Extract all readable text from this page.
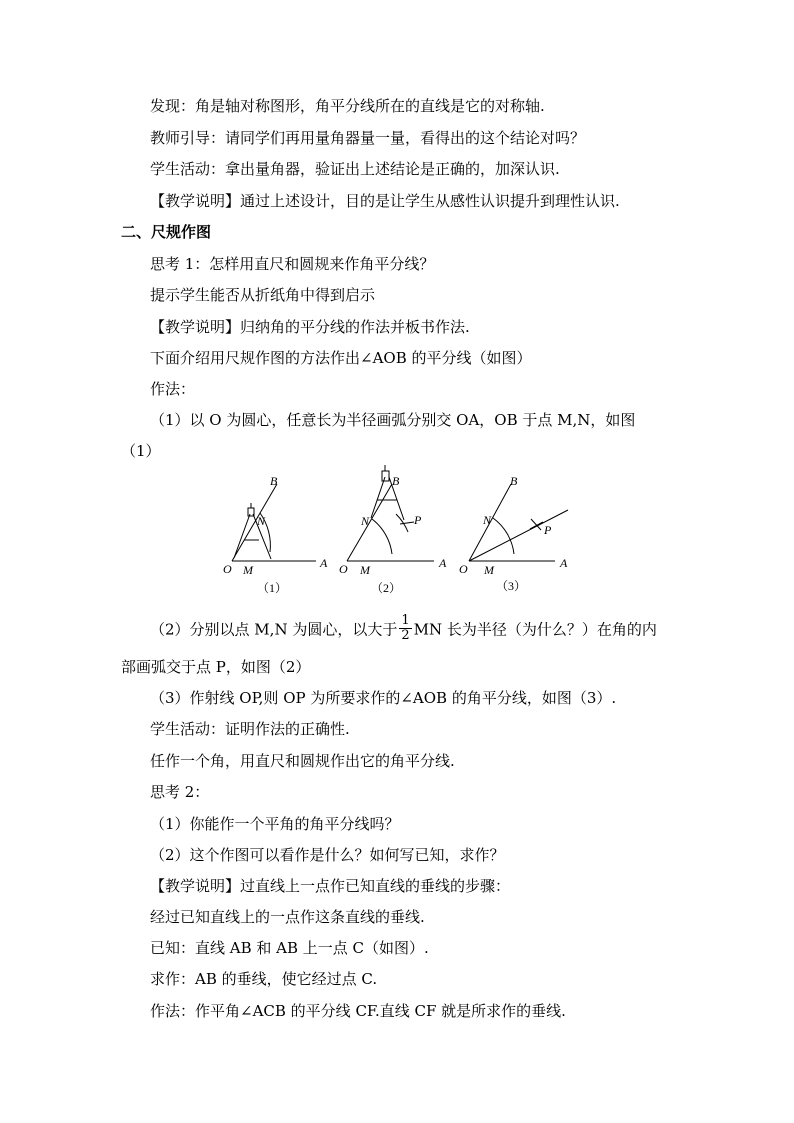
发现：角是轴对称图形，角平分线所在的直线是它的对称轴.
教师引导：请同学们再用量角器量一量，看得出的这个结论对吗？
学生活动：拿出量角器，验证出上述结论是正确的，加深认识.
【教学说明】通过上述设计，目的是让学生从感性认识提升到理性认识.
二、尺规作图
思考 1：怎样用直尺和圆规来作角平分线？
提示学生能否从折纸角中得到启示
【教学说明】归纳角的平分线的作法并板书作法.
下面介绍用尺规作图的方法作出∠AOB 的平分线（如图）
作法：
（1）以 O 为圆心，任意长为半径画弧分别交 OA，OB 于点 M,N，如图
（1）
O M
N
A
B
（1）
O M
N
A
B
P
（2）
O M
N
A
B
P
（3）
（2）分别以点 M,N 为圆心，以大于 $\frac{1}{2}$ MN 长为半径（为什么？）在角的内
部画弧交于点 P，如图（2）
（3）作射线 OP,则 OP 为所要求作的∠AOB 的角平分线，如图（3）.
学生活动：证明作法的正确性.
任作一个角，用直尺和圆规作出它的角平分线.
思考 2：
（1）你能作一个平角的角平分线吗？
（2）这个作图可以看作是什么？如何写已知，求作？
【教学说明】过直线上一点作已知直线的垂线的步骤：
经过已知直线上的一点作这条直线的垂线.
已知：直线 AB 和 AB 上一点 C（如图）.
求作：AB 的垂线，使它经过点 C.
作法：作平角∠ACB 的平分线 CF.直线 CF 就是所求作的垂线.
